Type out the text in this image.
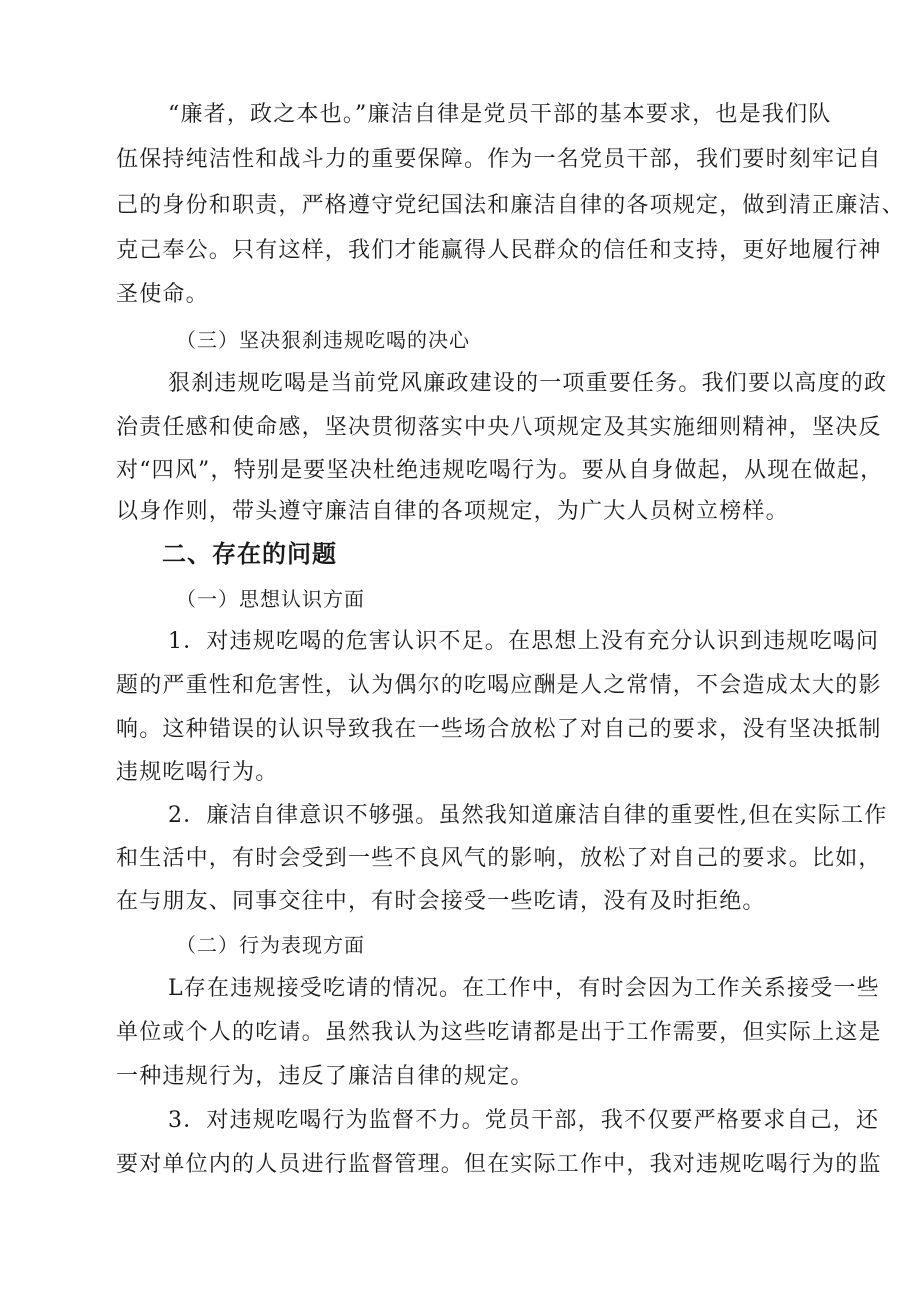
“廉者，政之本也。”廉洁自律是党员干部的基本要求，也是我们队
伍保持纯洁性和战斗力的重要保障。作为一名党员干部，我们要时刻牢记自
己的身份和职责，严格遵守党纪国法和廉洁自律的各项规定，做到清正廉洁、
克己奉公。只有这样，我们才能赢得人民群众的信任和支持，更好地履行神
圣使命。
（三）坚决狠刹违规吃喝的决心
狠刹违规吃喝是当前党风廉政建设的一项重要任务。我们要以高度的政
治责任感和使命感，坚决贯彻落实中央八项规定及其实施细则精神，坚决反
对“四风”，特别是要坚决杜绝违规吃喝行为。要从自身做起，从现在做起，
以身作则，带头遵守廉洁自律的各项规定，为广大人员树立榜样。
二、存在的问题
（一）思想认识方面
1．对违规吃喝的危害认识不足。在思想上没有充分认识到违规吃喝问
题的严重性和危害性，认为偶尔的吃喝应酬是人之常情，不会造成太大的影
响。这种错误的认识导致我在一些场合放松了对自己的要求，没有坚决抵制
违规吃喝行为。
2．廉洁自律意识不够强。虽然我知道廉洁自律的重要性,但在实际工作
和生活中，有时会受到一些不良风气的影响，放松了对自己的要求。比如，
在与朋友、同事交往中，有时会接受一些吃请，没有及时拒绝。
（二）行为表现方面
L存在违规接受吃请的情况。在工作中，有时会因为工作关系接受一些
单位或个人的吃请。虽然我认为这些吃请都是出于工作需要，但实际上这是
一种违规行为，违反了廉洁自律的规定。
3．对违规吃喝行为监督不力。党员干部，我不仅要严格要求自己，还
要对单位内的人员进行监督管理。但在实际工作中，我对违规吃喝行为的监
